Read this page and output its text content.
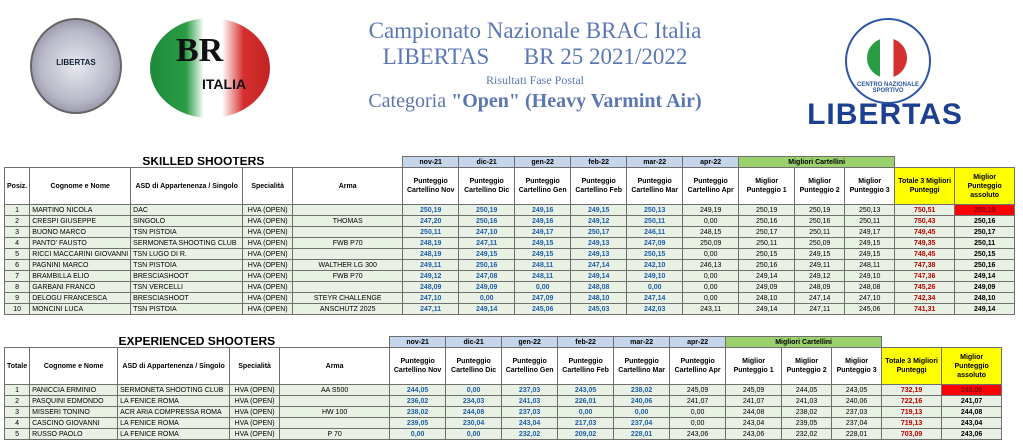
LIBERTAS	BR
ITALIA
Campionato Nazionale BRAC Italia
LIBERTAS      BR 25 2021/2022
Risultati Fase Postal
Categoria "Open" (Heavy Varmint Air)
CENTRO NAZIONALE SPORTIVO
LIBERTAS
SKILLED SHOOTERS					nov-21	dic-21	gen-22	feb-22	mar-22	apr-22	Migliori Cartellini				
Posiz.	Cognome e Nome	ASD di Appartenenza / Singolo	Specialità	Arma	Punteggio Cartellino Nov	Punteggio Cartellino Dic	Punteggio Cartellino Gen	Punteggio Cartellino Feb	Punteggio Cartellino Mar	Punteggio Cartellino Apr	Miglior Punteggio 1	Miglior Punteggio 2	Miglior Punteggio 3	Totale 3 Migliori Punteggi	Miglior Punteggio assoluto
1	MARTINO NICOLA	DAC	HVA (OPEN)		250,19	250,19	249,16	249,15	250,13	249,19	250,19	250,19	250,13	750,51	250,19
2	CRESPI GIUSEPPE	SINGOLO	HVA (OPEN)	THOMAS	247,20	250,16	249,16	249,12	250,11	0,00	250,16	250,16	250,11	750,43	250,16
3	BUONO MARCO	TSN PISTOIA	HVA (OPEN)		250,11	247,10	249,17	250,17	246,11	248,15	250,17	250,11	249,17	749,45	250,17
4	PANTO' FAUSTO	SERMONETA SHOOTING CLUB	HVA (OPEN)	FWB P70	248,19	247,11	249,15	249,13	247,09	250,09	250,11	250,09	249,15	749,35	250,11
5	RICCI MACCARINI GIOVANNI	TSN LUGO DI R.	HVA (OPEN)		248,19	249,15	249,15	249,13	250,15	0,00	250,15	249,15	249,15	748,45	250,15
6	PAGNINI MARCO	TSN PISTOIA	HVA (OPEN)	WALTHER LG 300	249,11	250,16	248,11	247,14	242,10	246,13	250,16	249,11	248,11	747,38	250,16
7	BRAMBILLA ELIO	BRESCIASHOOT	HVA (OPEN)	FWB P70	249,12	247,08	248,11	249,14	249,10	0,00	249,14	249,12	249,10	747,36	249,14
8	GARBANI FRANCO	TSN VERCELLI	HVA (OPEN)		248,09	249,09	0,00	248,08	0,00	0,00	249,09	248,09	248,08	745,26	249,09
9	DELOGU FRANCESCA	BRESCIASHOOT	HVA (OPEN)	STEYR CHALLENGE	247,10	0,00	247,09	248,10	247,14	0,00	248,10	247,14	247,10	742,34	248,10
10	MONCINI LUCA	TSN PISTOIA	HVA (OPEN)	ANSCHUTZ 2025	247,11	249,14	245,06	245,03	242,03	243,11	249,14	247,11	245,06	741,31	249,14
EXPERIENCED SHOOTERS					nov-21	dic-21	gen-22	feb-22	mar-22	apr-22	Migliori Cartellini				
Totale	Cognome e Nome	ASD di Appartenenza / Singolo	Specialità	Arma	Punteggio Cartellino Nov	Punteggio Cartellino Dic	Punteggio Cartellino Gen	Punteggio Cartellino Feb	Punteggio Cartellino Mar	Punteggio Cartellino Apr	Miglior Punteggio 1	Miglior Punteggio 2	Miglior Punteggio 3	Totale 3 Migliori Punteggi	Miglior Punteggio assoluto
1	PANICCIA ERMINIO	SERMONETA SHOOTING CLUB	HVA (OPEN)	AA S500	244,05	0,00	237,03	243,05	238,02	245,09	245,09	244,05	243,05	732,19	245,09
2	PASQUINI EDMONDO	LA FENICE ROMA	HVA (OPEN)		236,02	234,03	241,03	226,01	240,06	241,07	241,07	241,03	240,06	722,16	241,07
3	MISSERI TONINO	ACR ARIA COMPRESSA ROMA	HVA (OPEN)	HW 100	238,02	244,08	237,03	0,00	0,00	0,00	244,08	238,02	237,03	719,13	244,08
4	CASCINO GIOVANNI	LA FENICE ROMA	HVA (OPEN)		239,05	230,04	243,04	217,03	237,04	0,00	243,04	239,05	237,04	719,13	243,04
5	RUSSO PAOLO	LA FENICE ROMA	HVA (OPEN)	P 70	0,00	0,00	232,02	209,02	228,01	243,06	243,06	232,02	228,01	703,09	243,06
